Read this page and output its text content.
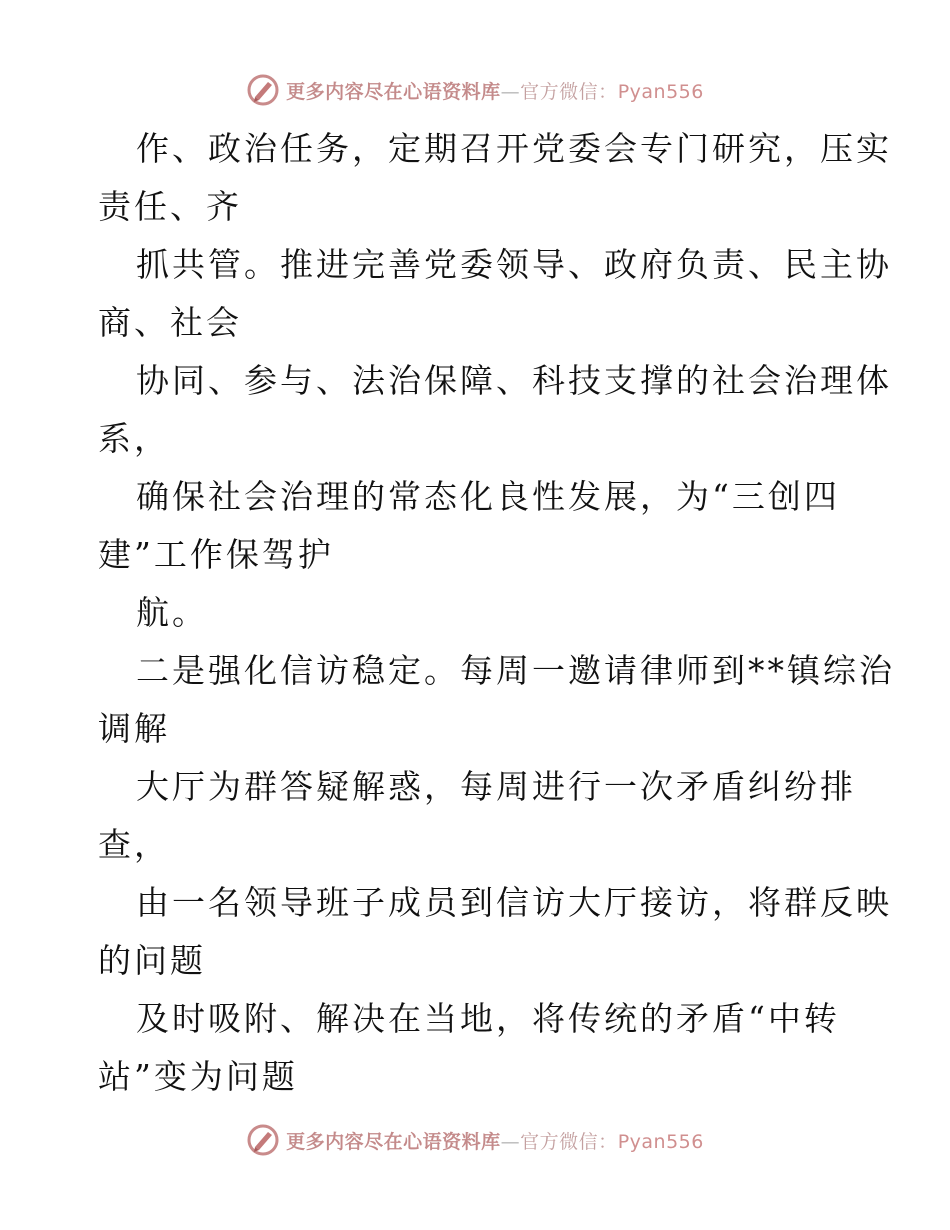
更多内容尽在心语资料库—官方微信：Pyan556
作、政治任务，定期召开党委会专门研究，压实
责任、齐
抓共管。推进完善党委领导、政府负责、民主协
商、社会
协同、参与、法治保障、科技支撑的社会治理体
系，
确保社会治理的常态化良性发展，为“三创四
建”工作保驾护
航。
二是强化信访稳定。每周一邀请律师到**镇综治
调解
大厅为群答疑解惑，每周进行一次矛盾纠纷排
查，
由一名领导班子成员到信访大厅接访，将群反映
的问题
及时吸附、解决在当地，将传统的矛盾“中转
站”变为问题
更多内容尽在心语资料库—官方微信：Pyan556
